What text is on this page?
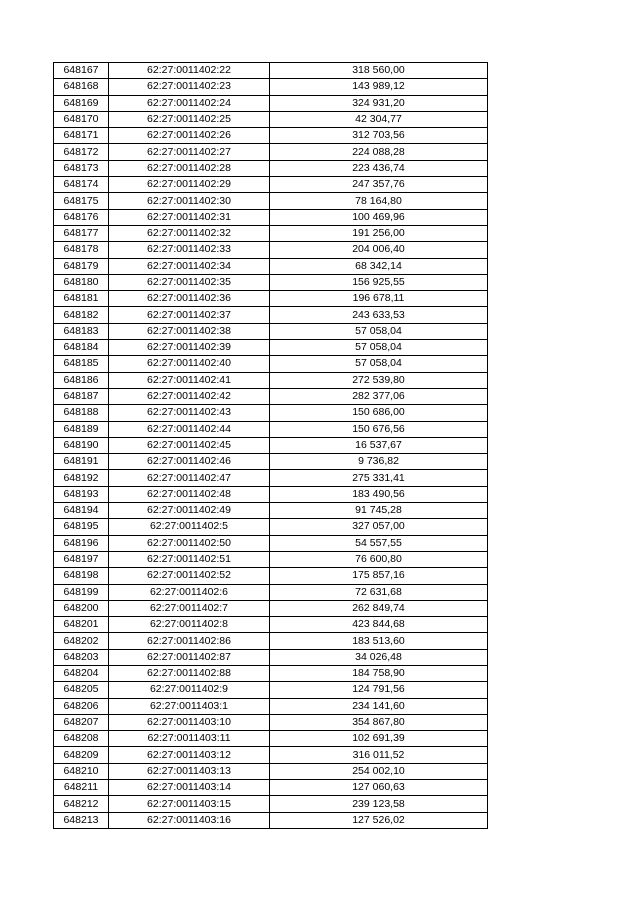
648167	62:27:0011402:22	318 560,00
648168	62:27:0011402:23	143 989,12
648169	62:27:0011402:24	324 931,20
648170	62:27:0011402:25	42 304,77
648171	62:27:0011402:26	312 703,56
648172	62:27:0011402:27	224 088,28
648173	62:27:0011402:28	223 436,74
648174	62:27:0011402:29	247 357,76
648175	62:27:0011402:30	78 164,80
648176	62:27:0011402:31	100 469,96
648177	62:27:0011402:32	191 256,00
648178	62:27:0011402:33	204 006,40
648179	62:27:0011402:34	68 342,14
648180	62:27:0011402:35	156 925,55
648181	62:27:0011402:36	196 678,11
648182	62:27:0011402:37	243 633,53
648183	62:27:0011402:38	57 058,04
648184	62:27:0011402:39	57 058,04
648185	62:27:0011402:40	57 058,04
648186	62:27:0011402:41	272 539,80
648187	62:27:0011402:42	282 377,06
648188	62:27:0011402:43	150 686,00
648189	62:27:0011402:44	150 676,56
648190	62:27:0011402:45	16 537,67
648191	62:27:0011402:46	9 736,82
648192	62:27:0011402:47	275 331,41
648193	62:27:0011402:48	183 490,56
648194	62:27:0011402:49	91 745,28
648195	62:27:0011402:5	327 057,00
648196	62:27:0011402:50	54 557,55
648197	62:27:0011402:51	76 600,80
648198	62:27:0011402:52	175 857,16
648199	62:27:0011402:6	72 631,68
648200	62:27:0011402:7	262 849,74
648201	62:27:0011402:8	423 844,68
648202	62:27:0011402:86	183 513,60
648203	62:27:0011402:87	34 026,48
648204	62:27:0011402:88	184 758,90
648205	62:27:0011402:9	124 791,56
648206	62:27:0011403:1	234 141,60
648207	62:27:0011403:10	354 867,80
648208	62:27:0011403:11	102 691,39
648209	62:27:0011403:12	316 011,52
648210	62:27:0011403:13	254 002,10
648211	62:27:0011403:14	127 060,63
648212	62:27:0011403:15	239 123,58
648213	62:27:0011403:16	127 526,02
